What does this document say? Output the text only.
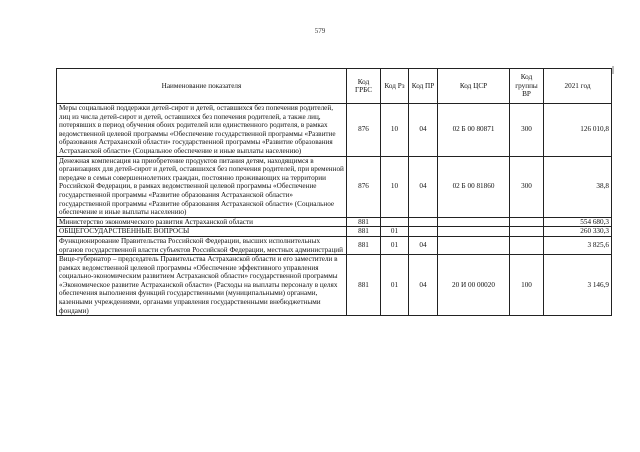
579
Наименование показателя	Код ГРБС	Код Рз	Код ПР	Код ЦСР	Код группы ВР	2021 год
Меры социальной поддержки детей-сирот и детей, оставшихся без попечения родителей, лиц из числа детей-сирот и детей, оставшихся без попечения родителей, а также лиц, потерявших в период обучения обоих родителей или единственного родителя, в рамках ведомственной целевой программы «Обеспечение государственной программы «Развитие образования Астраханской области» государственной программы «Развитие образования Астраханской области» (Социальное обеспечение и иные выплаты населению)	876	10	04	02 Б 00 80871	300	126 010,8
Денежная компенсация на приобретение продуктов питания детям, находящимся в организациях для детей-сирот и детей, оставшихся без попечения родителей, при временной передаче в семьи совершеннолетних граждан, постоянно проживающих на территории Российской Федерации, в рамках ведомственной целевой программы «Обеспечение государственной программы «Развитие образования Астраханской области» государственной программы «Развитие образования Астраханской области» (Социальное обеспечение и иные выплаты населению)	876	10	04	02 Б 00 81860	300	38,8
Министерство экономического развития Астраханской области	881					554 680,3
ОБЩЕГОСУДАРСТВЕННЫЕ ВОПРОСЫ	881	01				260 330,3
Функционирование Правительства Российской Федерации, высших исполнительных органов государственной власти субъектов Российской Федерации, местных администраций	881	01	04			3 825,6
Вице-губернатор – председатель Правительства Астраханской области и его заместители в рамках ведомственной целевой программы «Обеспечение эффективного управления социально-экономическим развитием Астраханской области» государственной программы «Экономическое развитие Астраханской области» (Расходы на выплаты персоналу в целях обеспечения выполнения функций государственными (муниципальными) органами, казенными учреждениями, органами управления государственными внебюджетными фондами)	881	01	04	20 И 00 00020	100	3 146,9
